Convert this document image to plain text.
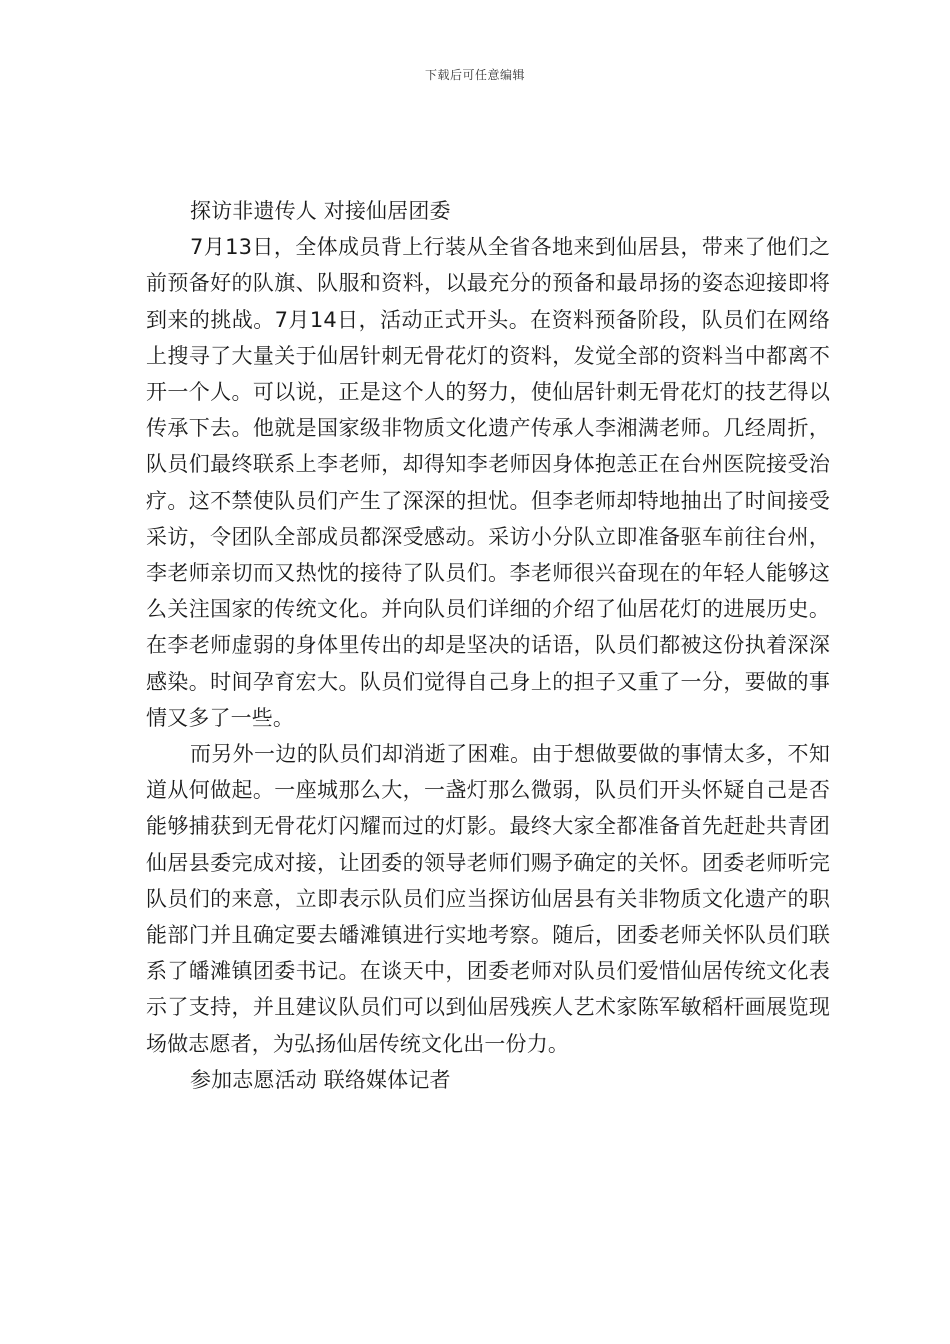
下载后可任意编辑

探访非遗传人 对接仙居团委

7月13日，全体成员背上行装从全省各地来到仙居县，带来了他们之前预备好的队旗、队服和资料，以最充分的预备和最昂扬的姿态迎接即将到来的挑战。7月14日，活动正式开头。在资料预备阶段，队员们在网络上搜寻了大量关于仙居针刺无骨花灯的资料，发觉全部的资料当中都离不开一个人。可以说，正是这个人的努力，使仙居针刺无骨花灯的技艺得以传承下去。他就是国家级非物质文化遗产传承人李湘满老师。几经周折，队员们最终联系上李老师，却得知李老师因身体抱恙正在台州医院接受治疗。这不禁使队员们产生了深深的担忧。但李老师却特地抽出了时间接受采访，令团队全部成员都深受感动。采访小分队立即准备驱车前往台州，李老师亲切而又热忱的接待了队员们。李老师很兴奋现在的年轻人能够这么关注国家的传统文化。并向队员们详细的介绍了仙居花灯的进展历史。在李老师虚弱的身体里传出的却是坚决的话语，队员们都被这份执着深深感染。时间孕育宏大。队员们觉得自己身上的担子又重了一分，要做的事情又多了一些。

而另外一边的队员们却消逝了困难。由于想做要做的事情太多，不知道从何做起。一座城那么大，一盏灯那么微弱，队员们开头怀疑自己是否能够捕获到无骨花灯闪耀而过的灯影。最终大家全都准备首先赶赴共青团仙居县委完成对接，让团委的领导老师们赐予确定的关怀。团委老师听完队员们的来意，立即表示队员们应当探访仙居县有关非物质文化遗产的职能部门并且确定要去皤滩镇进行实地考察。随后，团委老师关怀队员们联系了皤滩镇团委书记。在谈天中，团委老师对队员们爱惜仙居传统文化表示了支持，并且建议队员们可以到仙居残疾人艺术家陈军敏稻杆画展览现场做志愿者，为弘扬仙居传统文化出一份力。

参加志愿活动 联络媒体记者
